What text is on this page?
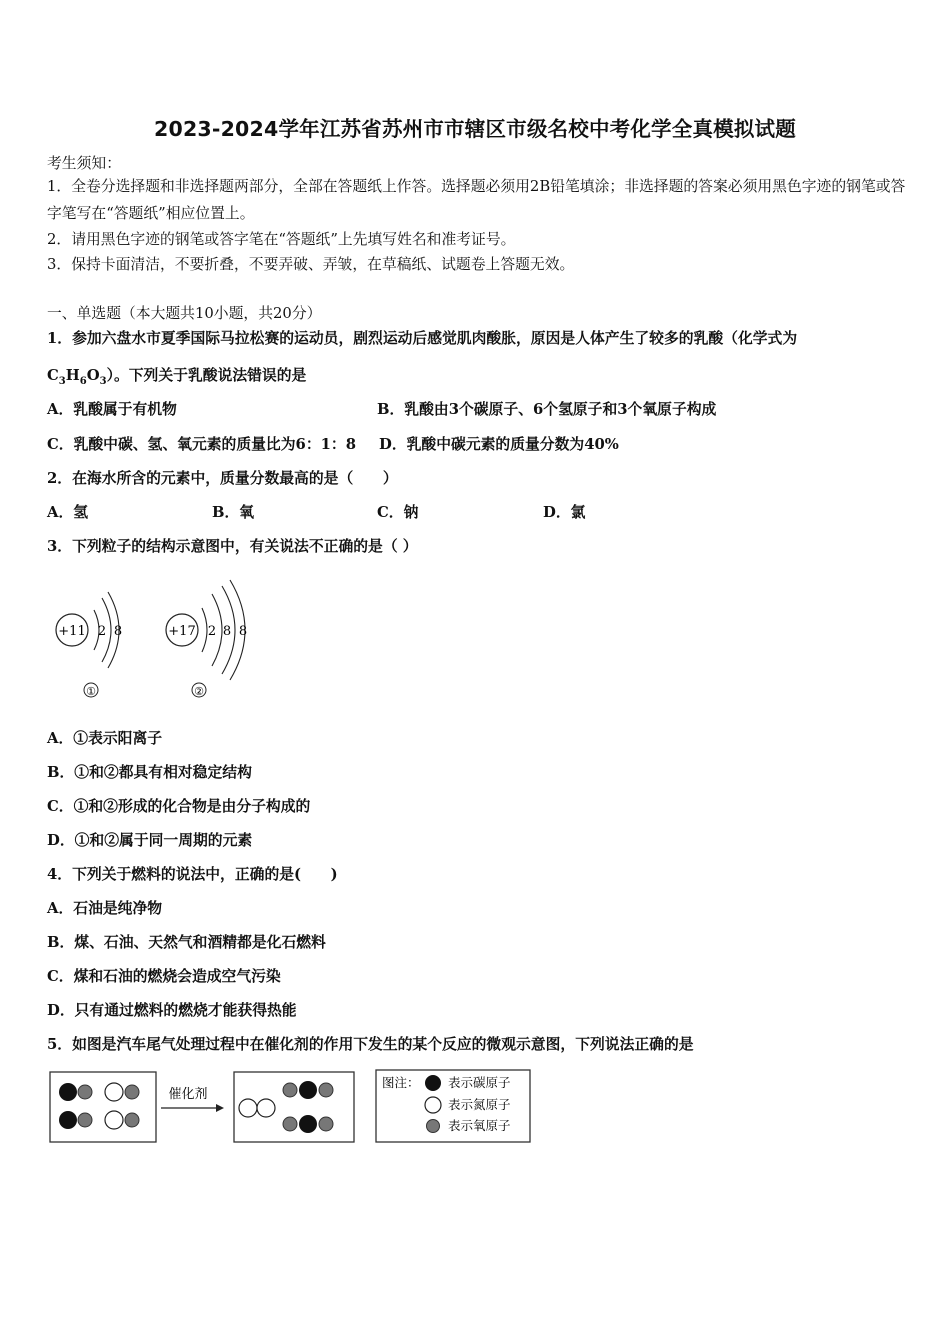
2023-2024学年江苏省苏州市市辖区市级名校中考化学全真模拟试题
考生须知：
1．全卷分选择题和非选择题两部分，全部在答题纸上作答。选择题必须用2B铅笔填涂；非选择题的答案必须用黑色字迹的钢笔或答字笔写在“答题纸”相应位置上。
2．请用黑色字迹的钢笔或答字笔在“答题纸”上先填写姓名和准考证号。
3．保持卡面清洁，不要折叠，不要弄破、弄皱，在草稿纸、试题卷上答题无效。
一、单选题（本大题共10小题，共20分）
1．参加六盘水市夏季国际马拉松赛的运动员，剧烈运动后感觉肌肉酸胀，原因是人体产生了较多的乳酸（化学式为
$C_3H_6O_3$）。下列关于乳酸说法错误的是
A．乳酸属于有机物	B．乳酸由3个碳原子、6个氢原子和3个氧原子构成
C．乳酸中碳、氢、氧元素的质量比为6：1：8 D．乳酸中碳元素的质量分数为40%
2．在海水所含的元素中，质量分数最高的是（　　）
A．氢	B．氧	C．钠	D．氯
3．下列粒子的结构示意图中，有关说法不正确的是（ ）
+11 2 8
①
+17 2 8 8
②
A．①表示阳离子
B．①和②都具有相对稳定结构
C．①和②形成的化合物是由分子构成的
D．①和②属于同一周期的元素
4．下列关于燃料的说法中，正确的是(　　)
A．石油是纯净物
B．煤、石油、天然气和酒精都是化石燃料
C．煤和石油的燃烧会造成空气污染
D．只有通过燃料的燃烧才能获得热能
5．如图是汽车尾气处理过程中在催化剂的作用下发生的某个反应的微观示意图，下列说法正确的是
催化剂
图注： 表示碳原子
表示氮原子
表示氧原子
